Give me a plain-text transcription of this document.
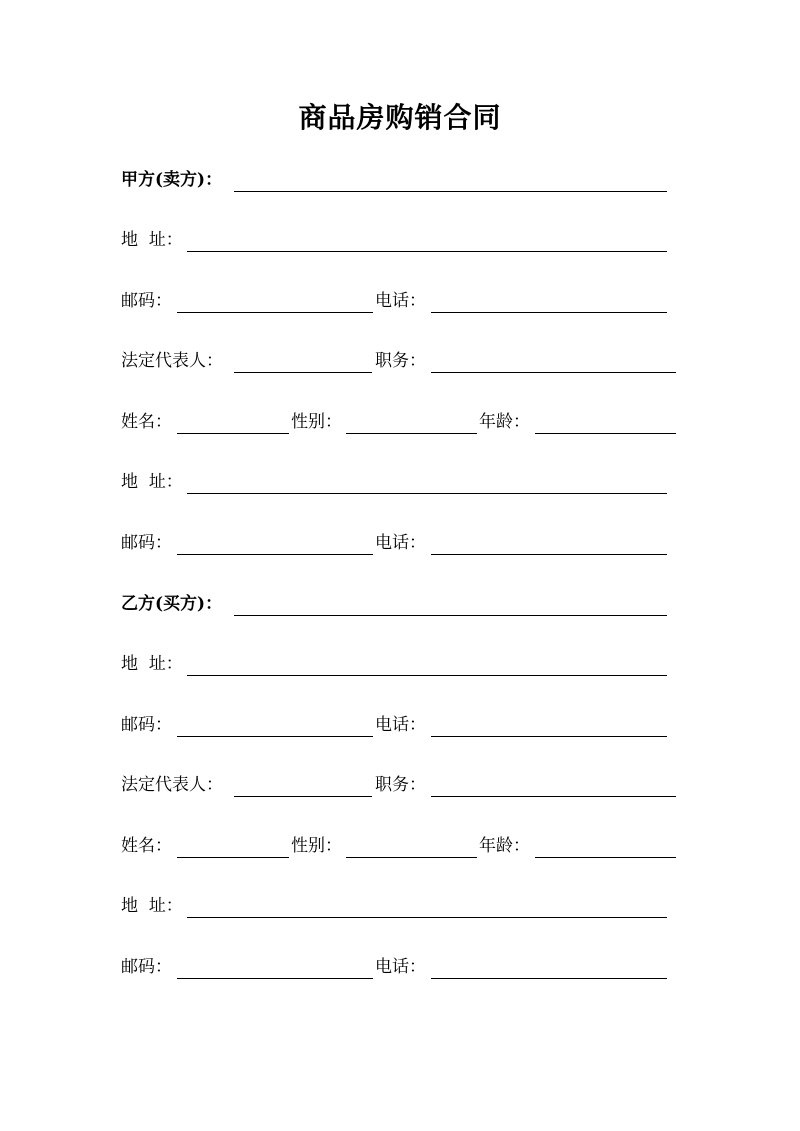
商品房购销合同
甲方(卖方)：
地  址：
邮码：	电话：
法定代表人：	职务：
姓名：	性别：	年龄：
地  址：
邮码：	电话：
乙方(买方)：
地  址：
邮码：	电话：
法定代表人：	职务：
姓名：	性别：	年龄：
地  址：
邮码：	电话：
